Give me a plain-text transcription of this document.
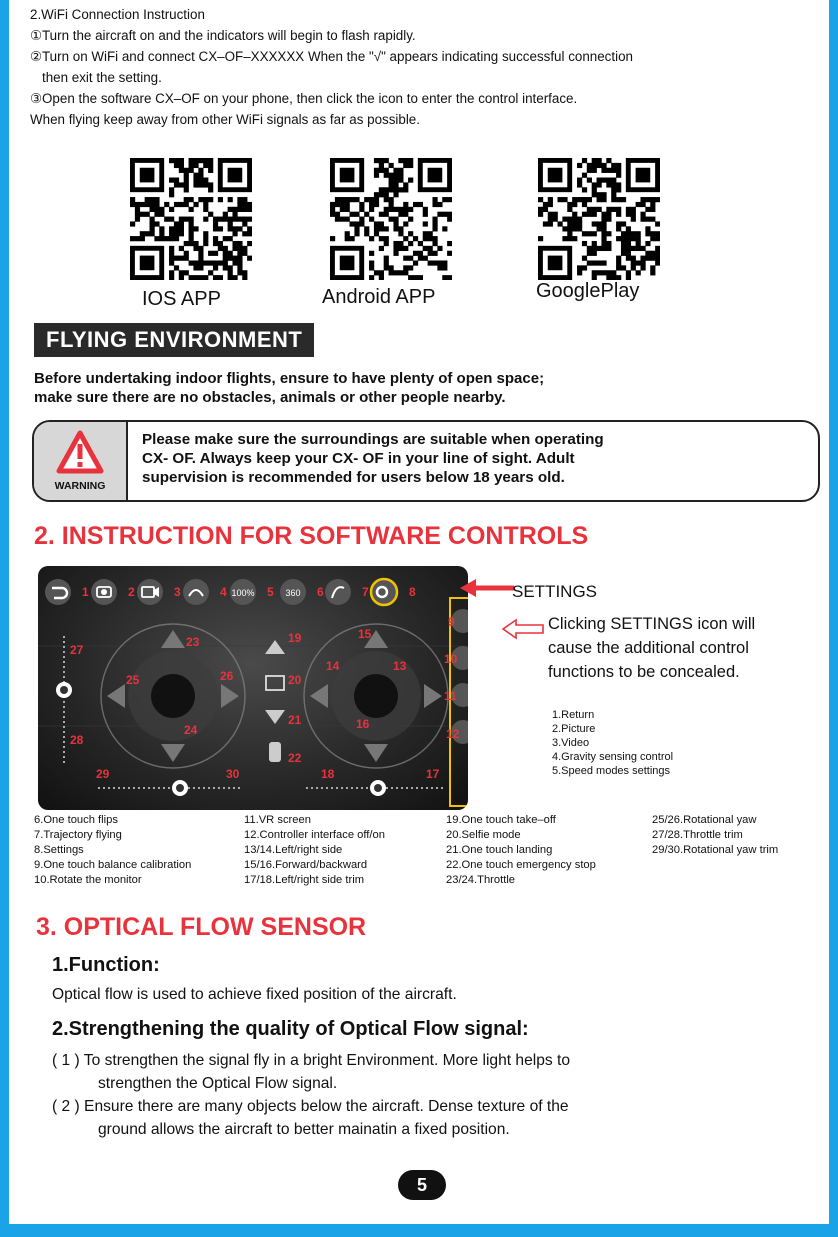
2.WiFi Connection Instruction
①Turn the aircraft on and the indicators will begin to flash rapidly.
②Turn on WiFi and connect CX–OF–XXXXXX When the "√" appears indicating successful connection
then exit the setting.
③Open the software CX–OF on your phone, then click the icon to enter the control interface.
When flying keep away from other WiFi signals as far as possible.
IOS APP	Android APP	GooglePlay
FLYING ENVIRONMENT
Before undertaking indoor flights, ensure to have plenty of open space;
make sure there are no obstacles, animals or other people nearby.
WARNING
Please make sure the surroundings are suitable when operating
CX- OF. Always keep your CX- OF in your line of sight. Adult
supervision is recommended for users below 18 years old.
2. INSTRUCTION FOR SOFTWARE CONTROLS
100%	360
1	2	3	4	5	6	7	8
9
10
11
12
13
14
15
16
17
18
19
20
21
22
23
24
25	26
27
28
29	30
SETTINGS
Clicking SETTINGS icon will
cause the additional control
functions to be concealed.
1.Return
2.Picture
3.Video
4.Gravity sensing control
5.Speed modes settings
6.One touch flips
7.Trajectory flying
8.Settings
9.One touch balance calibration
10.Rotate the monitor
11.VR screen
12.Controller interface off/on
13/14.Left/right side
15/16.Forward/backward
17/18.Left/right side trim
19.One touch take–off
20.Selfie mode
21.One touch landing
22.One touch emergency stop
23/24.Throttle
25/26.Rotational yaw
27/28.Throttle trim
29/30.Rotational yaw trim
3. OPTICAL FLOW SENSOR
1.Function:
Optical flow is used to achieve fixed position of the aircraft.
2.Strengthening the quality of Optical Flow signal:
( 1 ) To strengthen the signal fly in a bright Environment. More light helps to
strengthen the Optical Flow signal.
( 2 ) Ensure there are many objects below the aircraft. Dense texture of the
ground allows the aircraft to better mainatin a fixed position.
5
